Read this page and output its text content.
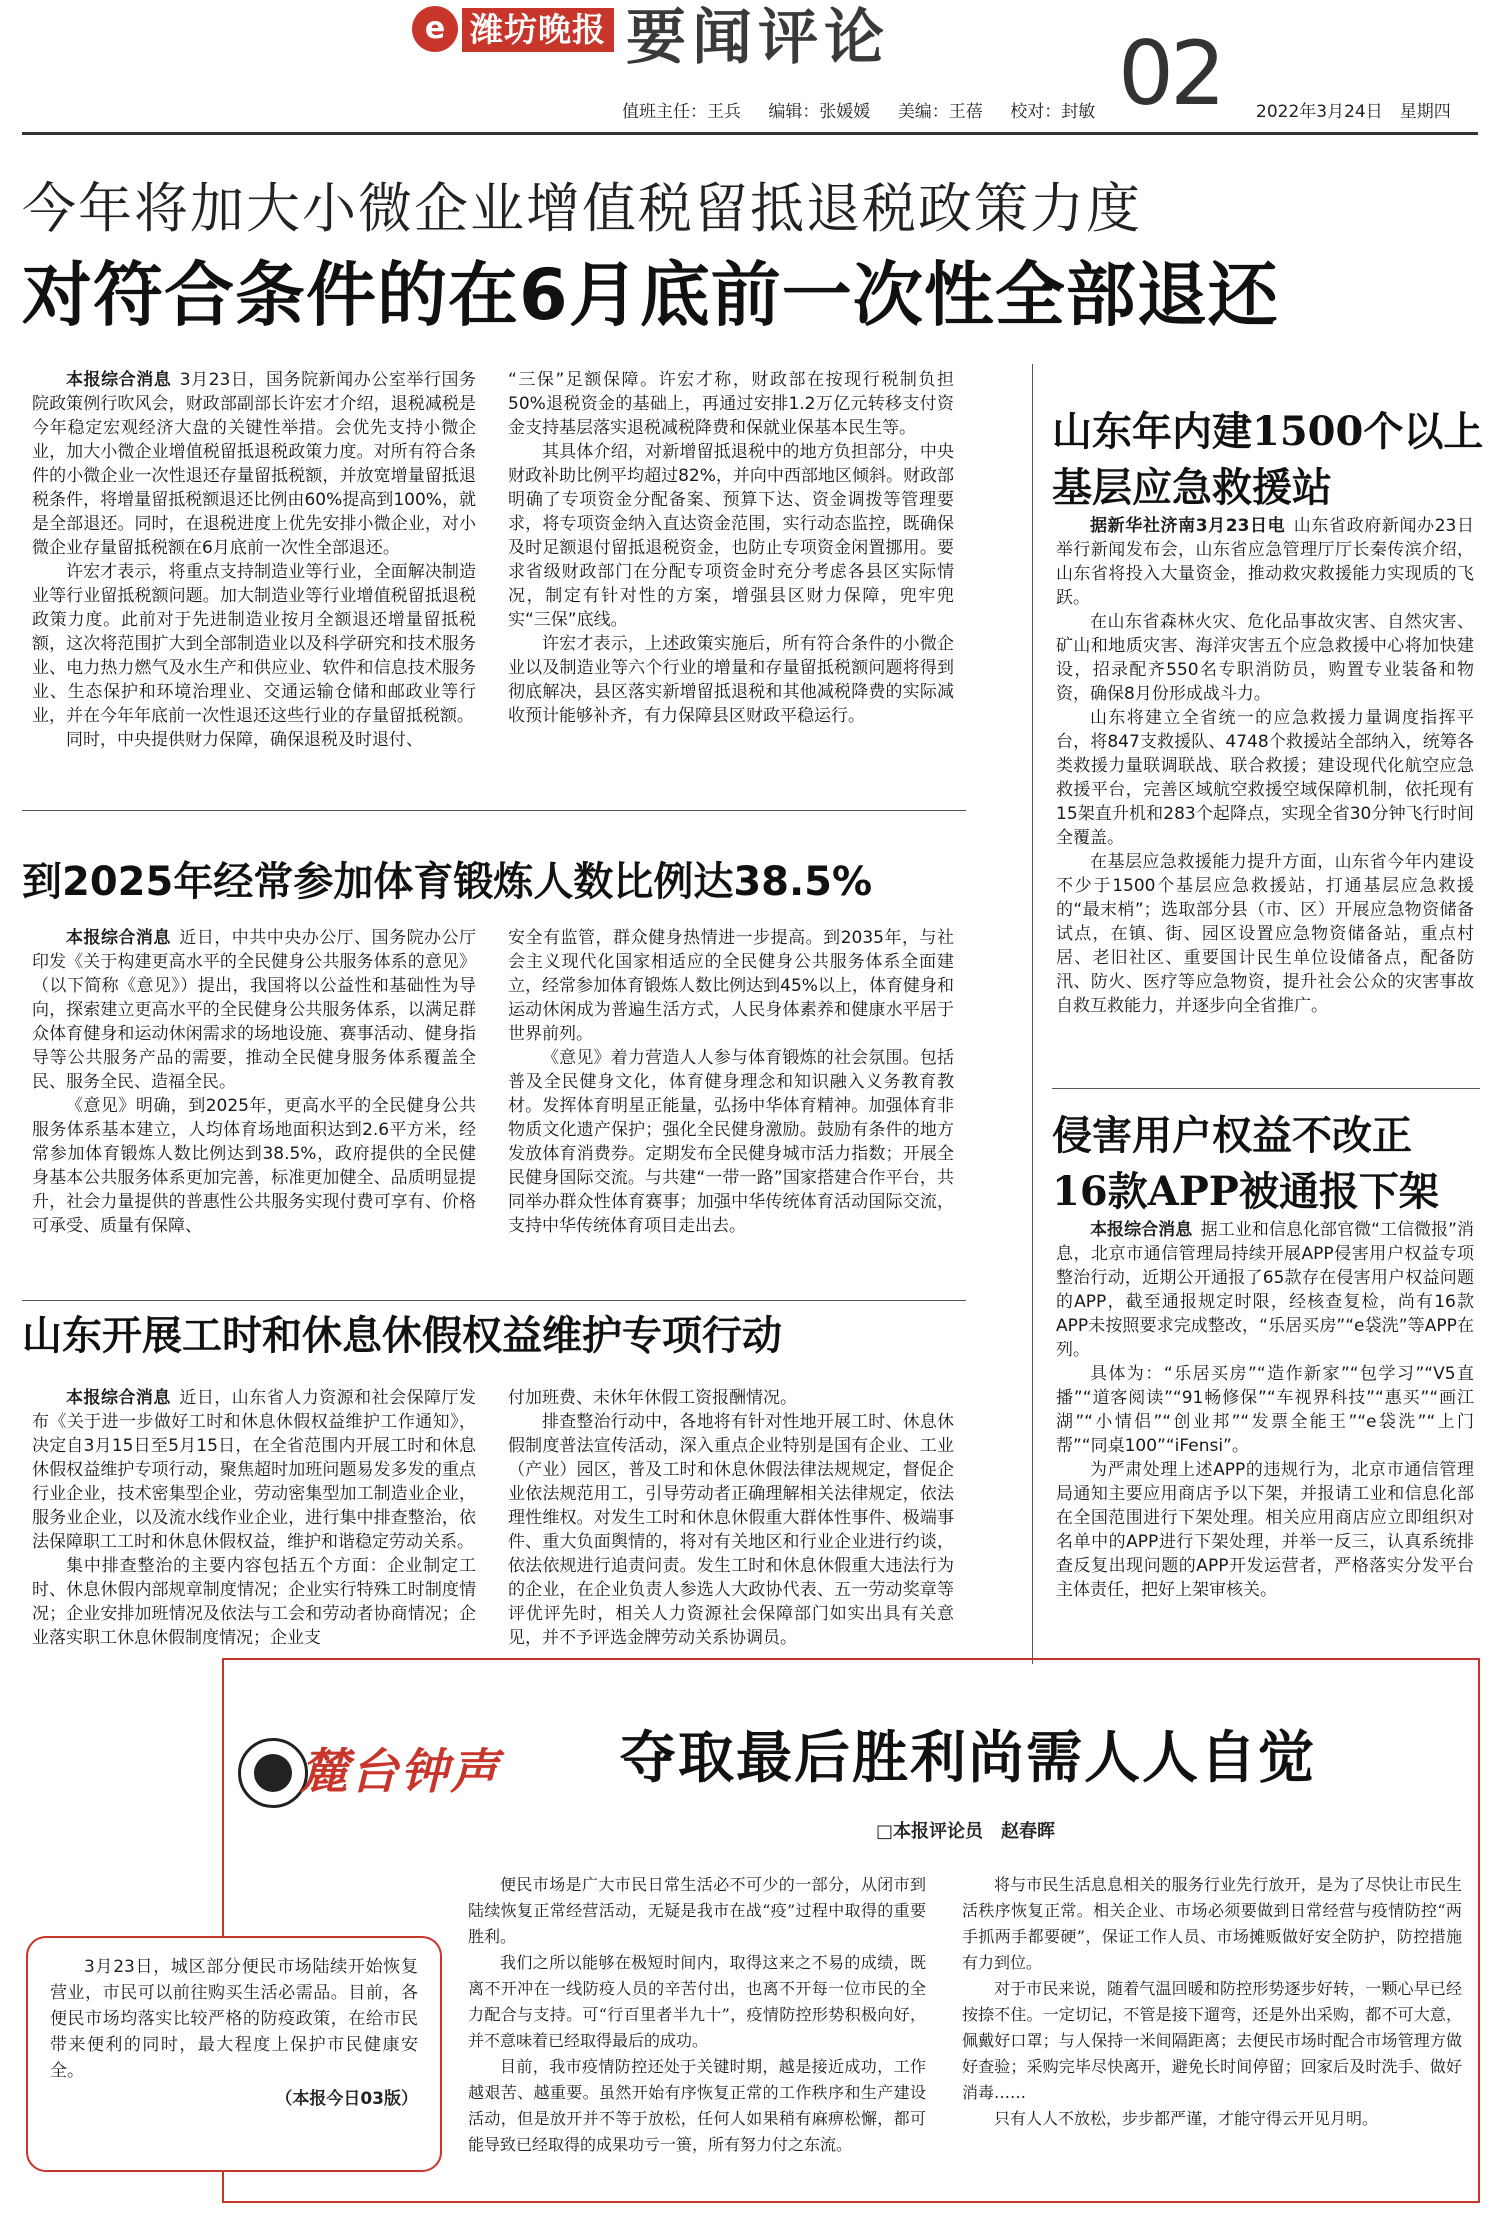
e 潍坊晚报 要闻评论	02
值班主任：王兵 编辑：张媛媛 美编：王蓓 校对：封敏	2022年3月24日　星期四
今年将加大小微企业增值税留抵退税政策力度
对符合条件的在6月底前一次性全部退还

本报综合消息 3月23日，国务院新闻办公室举行国务院政策例行吹风会，财政部副部长许宏才介绍，退税减税是今年稳定宏观经济大盘的关键性举措。会优先支持小微企业，加大小微企业增值税留抵退税政策力度。对所有符合条件的小微企业一次性退还存量留抵税额，并放宽增量留抵退税条件，将增量留抵税额退还比例由60%提高到100%，就是全部退还。同时，在退税进度上优先安排小微企业，对小微企业存量留抵税额在6月底前一次性全部退还。

许宏才表示，将重点支持制造业等行业，全面解决制造业等行业留抵税额问题。加大制造业等行业增值税留抵退税政策力度。此前对于先进制造业按月全额退还增量留抵税额，这次将范围扩大到全部制造业以及科学研究和技术服务业、电力热力燃气及水生产和供应业、软件和信息技术服务业、生态保护和环境治理业、交通运输仓储和邮政业等行业，并在今年年底前一次性退还这些行业的存量留抵税额。

同时，中央提供财力保障，确保退税及时退付、

“三保”足额保障。许宏才称，财政部在按现行税制负担50%退税资金的基础上，再通过安排1.2万亿元转移支付资金支持基层落实退税减税降费和保就业保基本民生等。

其具体介绍，对新增留抵退税中的地方负担部分，中央财政补助比例平均超过82%，并向中西部地区倾斜。财政部明确了专项资金分配备案、预算下达、资金调拨等管理要求，将专项资金纳入直达资金范围，实行动态监控，既确保及时足额退付留抵退税资金，也防止专项资金闲置挪用。要求省级财政部门在分配专项资金时充分考虑各县区实际情况，制定有针对性的方案，增强县区财力保障，兜牢兜实“三保”底线。

许宏才表示，上述政策实施后，所有符合条件的小微企业以及制造业等六个行业的增量和存量留抵税额问题将得到彻底解决，县区落实新增留抵退税和其他减税降费的实际减收预计能够补齐，有力保障县区财政平稳运行。

到2025年经常参加体育锻炼人数比例达38.5%

本报综合消息 近日，中共中央办公厅、国务院办公厅印发《关于构建更高水平的全民健身公共服务体系的意见》（以下简称《意见》）提出，我国将以公益性和基础性为导向，探索建立更高水平的全民健身公共服务体系，以满足群众体育健身和运动休闲需求的场地设施、赛事活动、健身指导等公共服务产品的需要，推动全民健身服务体系覆盖全民、服务全民、造福全民。

《意见》明确，到2025年，更高水平的全民健身公共服务体系基本建立，人均体育场地面积达到2.6平方米，经常参加体育锻炼人数比例达到38.5%，政府提供的全民健身基本公共服务体系更加完善，标准更加健全、品质明显提升，社会力量提供的普惠性公共服务实现付费可享有、价格可承受、质量有保障、

安全有监管，群众健身热情进一步提高。到2035年，与社会主义现代化国家相适应的全民健身公共服务体系全面建立，经常参加体育锻炼人数比例达到45%以上，体育健身和运动休闲成为普遍生活方式，人民身体素养和健康水平居于世界前列。

《意见》着力营造人人参与体育锻炼的社会氛围。包括普及全民健身文化，体育健身理念和知识融入义务教育教材。发挥体育明星正能量，弘扬中华体育精神。加强体育非物质文化遗产保护；强化全民健身激励。鼓励有条件的地方发放体育消费券。定期发布全民健身城市活力指数；开展全民健身国际交流。与共建“一带一路”国家搭建合作平台，共同举办群众性体育赛事；加强中华传统体育活动国际交流，支持中华传统体育项目走出去。

山东开展工时和休息休假权益维护专项行动

本报综合消息 近日，山东省人力资源和社会保障厅发布《关于进一步做好工时和休息休假权益维护工作通知》，决定自3月15日至5月15日，在全省范围内开展工时和休息休假权益维护专项行动，聚焦超时加班问题易发多发的重点行业企业，技术密集型企业，劳动密集型加工制造业企业，服务业企业，以及流水线作业企业，进行集中排查整治，依法保障职工工时和休息休假权益，维护和谐稳定劳动关系。

集中排查整治的主要内容包括五个方面：企业制定工时、休息休假内部规章制度情况；企业实行特殊工时制度情况；企业安排加班情况及依法与工会和劳动者协商情况；企业落实职工休息休假制度情况；企业支

付加班费、未休年休假工资报酬情况。

排查整治行动中，各地将有针对性地开展工时、休息休假制度普法宣传活动，深入重点企业特别是国有企业、工业（产业）园区，普及工时和休息休假法律法规规定，督促企业依法规范用工，引导劳动者正确理解相关法律规定，依法理性维权。对发生工时和休息休假重大群体性事件、极端事件、重大负面舆情的，将对有关地区和行业企业进行约谈，依法依规进行追责问责。发生工时和休息休假重大违法行为的企业，在企业负责人参选人大政协代表、五一劳动奖章等评优评先时，相关人力资源社会保障部门如实出具有关意见，并不予评选金牌劳动关系协调员。

山东年内建1500个以上
基层应急救援站

据新华社济南3月23日电 山东省政府新闻办23日举行新闻发布会，山东省应急管理厅厅长秦传滨介绍，山东省将投入大量资金，推动救灾救援能力实现质的飞跃。

在山东省森林火灾、危化品事故灾害、自然灾害、矿山和地质灾害、海洋灾害五个应急救援中心将加快建设，招录配齐550名专职消防员，购置专业装备和物资，确保8月份形成战斗力。

山东将建立全省统一的应急救援力量调度指挥平台，将847支救援队、4748个救援站全部纳入，统筹各类救援力量联调联战、联合救援；建设现代化航空应急救援平台，完善区域航空救援空域保障机制，依托现有15架直升机和283个起降点，实现全省30分钟飞行时间全覆盖。

在基层应急救援能力提升方面，山东省今年内建设不少于1500个基层应急救援站，打通基层应急救援的“最末梢”；选取部分县（市、区）开展应急物资储备试点，在镇、街、园区设置应急物资储备站，重点村居、老旧社区、重要国计民生单位设储备点，配备防汛、防火、医疗等应急物资，提升社会公众的灾害事故自救互救能力，并逐步向全省推广。

侵害用户权益不改正
16款APP被通报下架

本报综合消息 据工业和信息化部官微“工信微报”消息，北京市通信管理局持续开展APP侵害用户权益专项整治行动，近期公开通报了65款存在侵害用户权益问题的APP，截至通报规定时限，经核查复检，尚有16款APP未按照要求完成整改，“乐居买房”“e袋洗”等APP在列。

具体为：“乐居买房”“造作新家”“包学习”“V5直播”“道客阅读”“91畅修保”“车视界科技”“惠买”“画江湖”“小情侣”“创业邦”“发票全能王”“e袋洗”“上门帮”“同桌100”“iFensi”。

为严肃处理上述APP的违规行为，北京市通信管理局通知主要应用商店予以下架，并报请工业和信息化部在全国范围进行下架处理。相关应用商店应立即组织对名单中的APP进行下架处理，并举一反三，认真系统排查反复出现问题的APP开发运营者，严格落实分发平台主体责任，把好上架审核关。

麓台钟声 夺取最后胜利尚需人人自觉
□本报评论员　赵春晖

便民市场是广大市民日常生活必不可少的一部分，从闭市到陆续恢复正常经营活动，无疑是我市在战“疫”过程中取得的重要胜利。

我们之所以能够在极短时间内，取得这来之不易的成绩，既离不开冲在一线防疫人员的辛苦付出，也离不开每一位市民的全力配合与支持。可“行百里者半九十”，疫情防控形势积极向好，并不意味着已经取得最后的成功。

目前，我市疫情防控还处于关键时期，越是接近成功，工作越艰苦、越重要。虽然开始有序恢复正常的工作秩序和生产建设活动，但是放开并不等于放松，任何人如果稍有麻痹松懈，都可能导致已经取得的成果功亏一篑，所有努力付之东流。

将与市民生活息息相关的服务行业先行放开，是为了尽快让市民生活秩序恢复正常。相关企业、市场必须要做到日常经营与疫情防控“两手抓两手都要硬”，保证工作人员、市场摊贩做好安全防护，防控措施有力到位。

对于市民来说，随着气温回暖和防控形势逐步好转，一颗心早已经按捺不住。一定切记，不管是接下遛弯，还是外出采购，都不可大意，佩戴好口罩；与人保持一米间隔距离；去便民市场时配合市场管理方做好查验；采购完毕尽快离开，避免长时间停留；回家后及时洗手、做好消毒……

只有人人不放松，步步都严谨，才能守得云开见月明。

3月23日，城区部分便民市场陆续开始恢复营业，市民可以前往购买生活必需品。目前，各便民市场均落实比较严格的防疫政策，在给市民带来便利的同时，最大程度上保护市民健康安全。
（本报今日03版）
